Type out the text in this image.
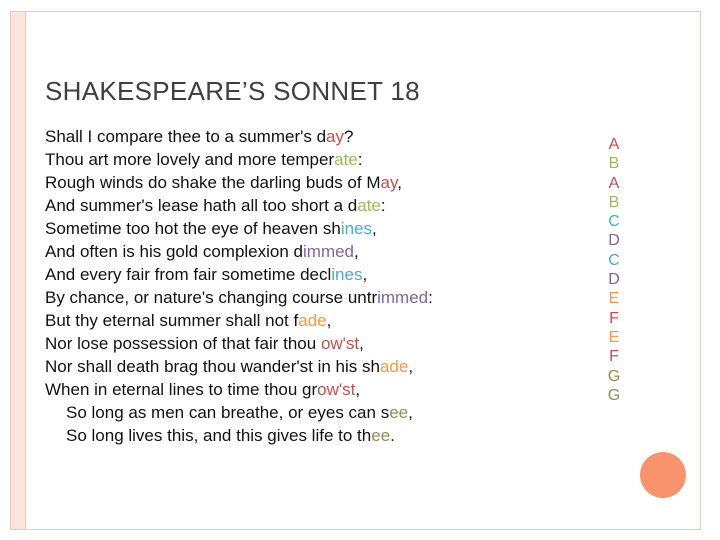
SHAKESPEARE’S SONNET 18
Shall I compare thee to a summer's day?
Thou art more lovely and more temperate:
Rough winds do shake the darling buds of May,
And summer's lease hath all too short a date:
Sometime too hot the eye of heaven shines,
And often is his gold complexion dimmed,
And every fair from fair sometime declines,
By chance, or nature's changing course untrimmed:
But thy eternal summer shall not fade,
Nor lose possession of that fair thou ow'st,
Nor shall death brag thou wander'st in his shade,
When in eternal lines to time thou grow'st,
So long as men can breathe, or eyes can see,
So long lives this, and this gives life to thee.
A
B
A
B
C
D
C
D
E
F
E
F
G
G
